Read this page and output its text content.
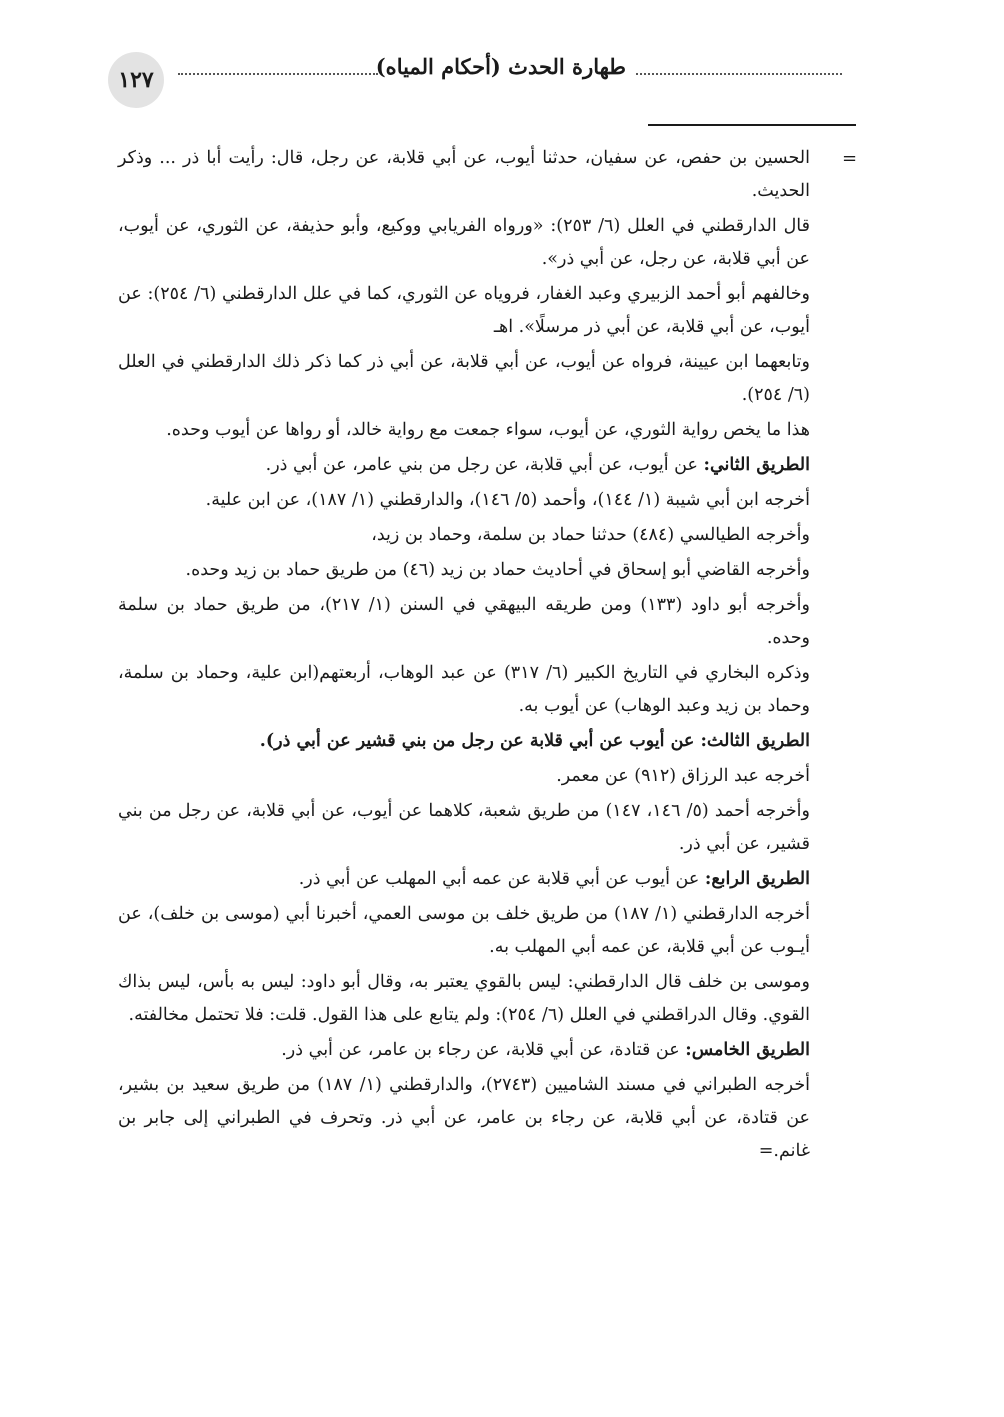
١٢٧
طهارة الحدث (أحكام المياه)
=

الحسين بن حفص، عن سفيان، حدثنا أيوب، عن أبي قلابة، عن رجل، قال: رأيت أبا ذر ... وذكر الحديث.

قال الدارقطني في العلل (٦/ ٢٥٣): «ورواه الفريابي ووكيع، وأبو حذيفة، عن الثوري، عن أيوب، عن أبي قلابة، عن رجل، عن أبي ذر».

وخالفهم أبو أحمد الزبيري وعبد الغفار، فروياه عن الثوري، كما في علل الدارقطني (٦/ ٢٥٤): عن أيوب، عن أبي قلابة، عن أبي ذر مرسلًا». اهـ

وتابعهما ابن عيينة، فرواه عن أيوب، عن أبي قلابة، عن أبي ذر كما ذكر ذلك الدارقطني في العلل (٦/ ٢٥٤).

هذا ما يخص رواية الثوري، عن أيوب، سواء جمعت مع رواية خالد، أو رواها عن أيوب وحده.

الطريق الثاني: عن أيوب، عن أبي قلابة، عن رجل من بني عامر، عن أبي ذر.

أخرجه ابن أبي شيبة (١/ ١٤٤)، وأحمد (٥/ ١٤٦)، والدارقطني (١/ ١٨٧)، عن ابن علية.

وأخرجه الطيالسي (٤٨٤) حدثنا حماد بن سلمة، وحماد بن زيد،

وأخرجه القاضي أبو إسحاق في أحاديث حماد بن زيد (٤٦) من طريق حماد بن زيد وحده.

وأخرجه أبو داود (١٣٣) ومن طريقه البيهقي في السنن (١/ ٢١٧)، من طريق حماد بن سلمة وحده.

وذكره البخاري في التاريخ الكبير (٦/ ٣١٧) عن عبد الوهاب، أربعتهم(ابن علية، وحماد بن سلمة، وحماد بن زيد وعبد الوهاب) عن أيوب به.

الطريق الثالث: عن أيوب عن أبي قلابة عن رجل من بني قشير عن أبي ذر).

أخرجه عبد الرزاق (٩١٢) عن معمر.

وأخرجه أحمد (٥/ ١٤٦، ١٤٧) من طريق شعبة، كلاهما عن أيوب، عن أبي قلابة، عن رجل من بني قشير، عن أبي ذر.

الطريق الرابع: عن أيوب عن أبي قلابة عن عمه أبي المهلب عن أبي ذر.

أخرجه الدارقطني (١/ ١٨٧) من طريق خلف بن موسى العمي، أخبرنا أبي (موسى بن خلف)، عن أيـوب عن أبي قلابة، عن عمه أبي المهلب به.

وموسى بن خلف قال الدارقطني: ليس بالقوي يعتبر به، وقال أبو داود: ليس به بأس، ليس بذاك القوي. وقال الدراقطني في العلل (٦/ ٢٥٤): ولم يتابع على هذا القول. قلت: فلا تحتمل مخالفته.

الطريق الخامس: عن قتادة، عن أبي قلابة، عن رجاء بن عامر، عن أبي ذر.

أخرجه الطبراني في مسند الشاميين (٢٧٤٣)، والدارقطني (١/ ١٨٧) من طريق سعيد بن بشير، عن قتادة، عن أبي قلابة، عن رجاء بن عامر، عن أبي ذر. وتحرف في الطبراني إلى جابر بن غانم.=
